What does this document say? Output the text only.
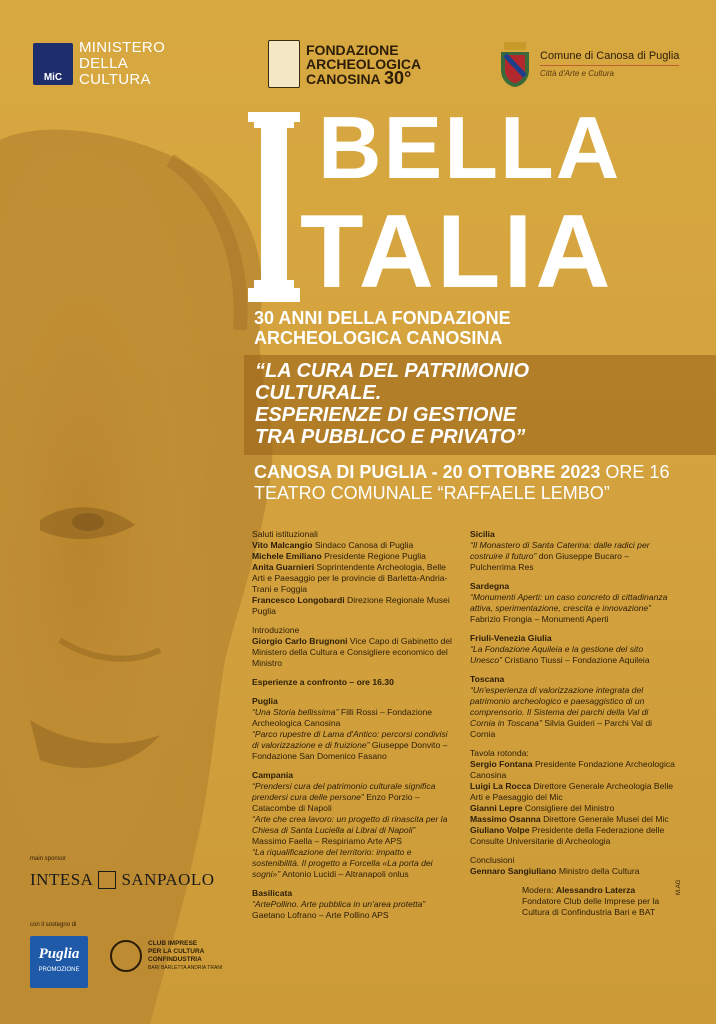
MiC
MINISTERO
DELLA
CULTURA
FONDAZIONE
ARCHEOLOGICA
CANOSINA 30°
Comune di Canosa di Puglia
Città d'Arte e Cultura
BELLA
TALIA
30 ANNI DELLA FONDAZIONE
ARCHEOLOGICA CANOSINA
“LA CURA DEL PATRIMONIO
CULTURALE.
ESPERIENZE DI GESTIONE
TRA PUBBLICO E PRIVATO”
CANOSA DI PUGLIA - 20 OTTOBRE 2023 ORE 16
TEATRO COMUNALE “RAFFAELE LEMBO”
Saluti istituzionali
Vito Malcangio Sindaco Canosa di Puglia
Michele Emiliano Presidente Regione Puglia
Anita Guarnieri Soprintendente Archeologia, Belle Arti e Paesaggio per le provincie di Barletta-Andria-Trani e Foggia

Francesco Longobardi Direzione Regionale Musei Puglia

Introduzione

Giorgio Carlo Brugnoni Vice Capo di Gabinetto del Ministero della Cultura e Consigliere economico del Ministro

Esperienze a confronto – ore 16.30

Puglia
“Una Storia bellissima” Filli Rossi – Fondazione Archeologica Canosina

“Parco rupestre di Lama d'Antico: percorsi condivisi di valorizzazione e di fruizione” Giuseppe Donvito – Fondazione San Domenico Fasano

Campania
“Prendersi cura del patrimonio culturale significa prendersi cura delle persone” Enzo Porzio – Catacombe di Napoli
“Arte che crea lavoro: un progetto di rinascita per la Chiesa di Santa Luciella ai Librai di Napoli” Massimo Faella – Respiriamo Arte APS

“La riqualificazione del territorio: impatto e sostenibilità. Il progetto a Forcella «La porta dei sogni»” Antonio Lucidi – Altranapoli onlus

Basilicata
“ArtePollino. Arte pubblica in un'area protetta” Gaetano Lofrano – Arte Pollino APS
Sicilia

“Il Monastero di Santa Caterina: dalle radici per costruire il futuro” don Giuseppe Bucaro – Pulcherrima Res

Sardegna

“Monumenti Aperti: un caso concreto di cittadinanza attiva, sperimentazione, crescita e innovazione” Fabrizio Frongia – Monumenti Aperti

Friuli-Venezia Giulia

“La Fondazione Aquileia e la gestione del sito Unesco” Cristiano Tiussi – Fondazione Aquileia

Toscana

“Un'esperienza di valorizzazione integrata del patrimonio archeologico e paesaggistico di un comprensorio. Il Sistema dei parchi della Val di Cornia in Toscana” Silvia Guideri – Parchi Val di Cornia

Tavola rotonda:
Sergio Fontana Presidente Fondazione Archeologica Canosina
Luigi La Rocca Direttore Generale Archeologia Belle Arti e Paesaggio del Mic
Gianni Lepre Consigliere del Ministro
Massimo Osanna Direttore Generale Musei del Mic

Giuliano Volpe Presidente della Federazione delle Consulte Universitarie di Archeologia

Conclusioni

Gennaro Sangiuliano Ministro della Cultura

Modera: Alessandro Laterza
Fondatore Club delle Imprese per la Cultura di Confindustria Bari e BAT
main sponsor
INTESA SANPAOLO
con il sostegno di
Puglia
PROMOZIONE
CLUB IMPRESE
PER LA CULTURA
CONFINDUSTRIA
BARI BARLETTA ANDRIA TRANI
M.AG
